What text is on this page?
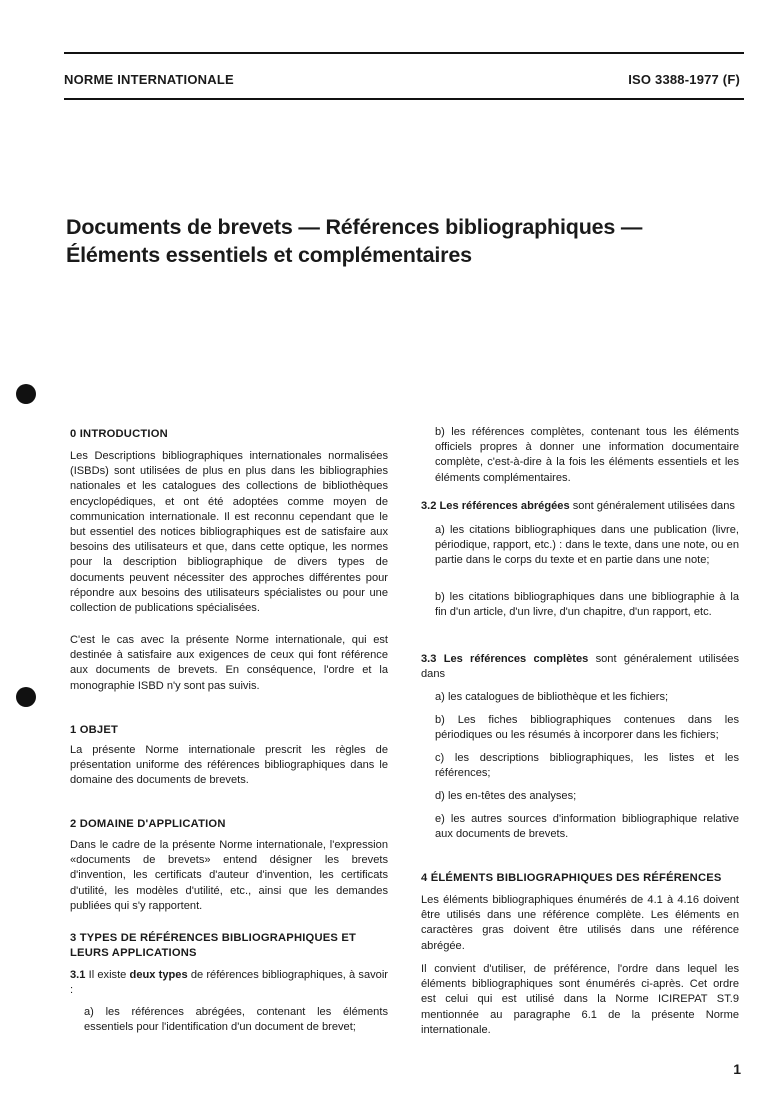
NORME INTERNATIONALE	ISO 3388-1977 (F)
Documents de brevets — Références bibliographiques —
Éléments essentiels et complémentaires
0 INTRODUCTION
Les Descriptions bibliographiques internationales normalisées (ISBDs) sont utilisées de plus en plus dans les bibliographies nationales et les catalogues des collections de bibliothèques encyclopédiques, et ont été adoptées comme moyen de communication internationale. Il est reconnu cependant que le but essentiel des notices bibliographiques est de satisfaire aux besoins des utilisateurs et que, dans cette optique, les normes pour la description bibliographique de divers types de documents peuvent nécessiter des approches différentes pour répondre aux besoins des utilisateurs spécialistes ou pour une collection de publications spécialisées.
C'est le cas avec la présente Norme internationale, qui est destinée à satisfaire aux exigences de ceux qui font référence aux documents de brevets. En conséquence, l'ordre et la monographie ISBD n'y sont pas suivis.
1 OBJET
La présente Norme internationale prescrit les règles de présentation uniforme des références bibliographiques dans le domaine des documents de brevets.
2 DOMAINE D'APPLICATION
Dans le cadre de la présente Norme internationale, l'expression «documents de brevets» entend désigner les brevets d'invention, les certificats d'auteur d'invention, les certificats d'utilité, les modèles d'utilité, etc., ainsi que les demandes publiées qui s'y rapportent.
3 TYPES DE RÉFÉRENCES BIBLIOGRAPHIQUES ET LEURS APPLICATIONS
3.1 Il existe deux types de références bibliographiques, à savoir :
a) les références abrégées, contenant les éléments essentiels pour l'identification d'un document de brevet;
b) les références complètes, contenant tous les éléments officiels propres à donner une information documentaire complète, c'est-à-dire à la fois les éléments essentiels et les éléments complémentaires.
3.2 Les références abrégées sont généralement utilisées dans
a) les citations bibliographiques dans une publication (livre, périodique, rapport, etc.) : dans le texte, dans une note, ou en partie dans le corps du texte et en partie dans une note;
b) les citations bibliographiques dans une bibliographie à la fin d'un article, d'un livre, d'un chapitre, d'un rapport, etc.
3.3 Les références complètes sont généralement utilisées dans
a) les catalogues de bibliothèque et les fichiers;
b) Les fiches bibliographiques contenues dans les périodiques ou les résumés à incorporer dans les fichiers;
c) les descriptions bibliographiques, les listes et les références;
d) les en-têtes des analyses;
e) les autres sources d'information bibliographique relative aux documents de brevets.
4 ÉLÉMENTS BIBLIOGRAPHIQUES DES RÉFÉRENCES
Les éléments bibliographiques énumérés de 4.1 à 4.16 doivent être utilisés dans une référence complète. Les éléments en caractères gras doivent être utilisés dans une référence abrégée.
Il convient d'utiliser, de préférence, l'ordre dans lequel les éléments bibliographiques sont énumérés ci-après. Cet ordre est celui qui est utilisé dans la Norme ICIREPAT ST.9 mentionnée au paragraphe 6.1 de la présente Norme internationale.
1
